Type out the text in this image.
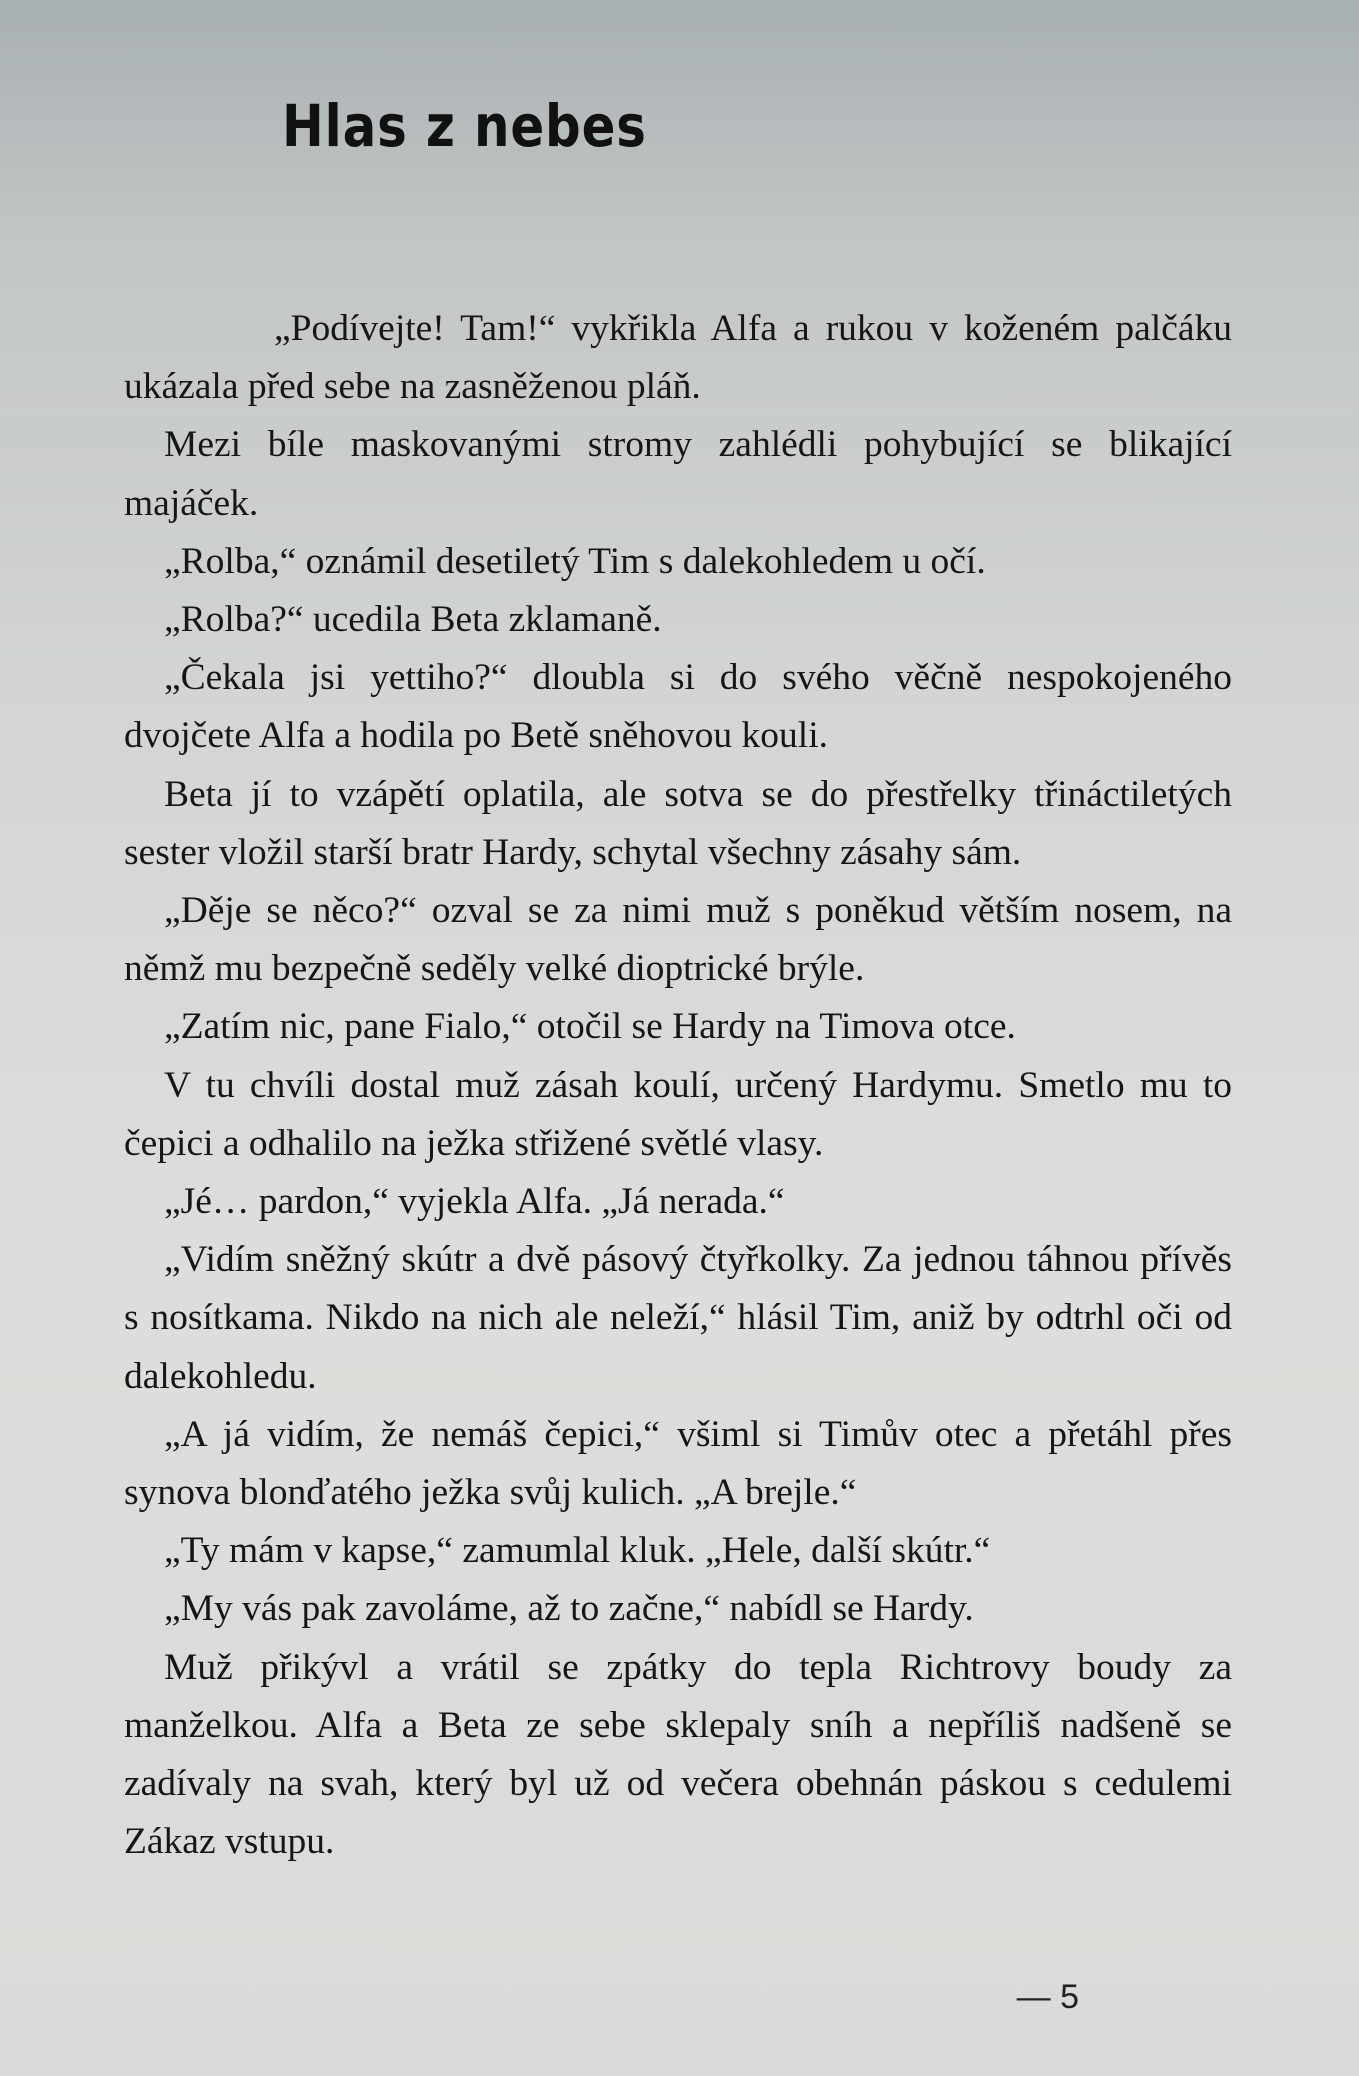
Hlas z nebes

„Podívejte! Tam!“ vykřikla Alfa a rukou v koženém palčáku ukázala před sebe na zasněženou pláň.

Mezi bíle maskovanými stromy zahlédli pohybující se blikající majáček.

„Rolba,“ oznámil desetiletý Tim s dalekohledem u očí.

„Rolba?“ ucedila Beta zklamaně.

„Čekala jsi yettiho?“ dloubla si do svého věčně nespokojeného dvojčete Alfa a hodila po Betě sněhovou kouli.

Beta jí to vzápětí oplatila, ale sotva se do přestřelky třináctiletých sester vložil starší bratr Hardy, schytal všechny zásahy sám.

„Děje se něco?“ ozval se za nimi muž s poněkud větším nosem, na němž mu bezpečně seděly velké dioptrické brýle.

„Zatím nic, pane Fialo,“ otočil se Hardy na Timova otce.

V tu chvíli dostal muž zásah koulí, určený Hardymu. Smetlo mu to čepici a odhalilo na ježka střižené světlé vlasy.

„Jé… pardon,“ vyjekla Alfa. „Já nerada.“

„Vidím sněžný skútr a dvě pásový čtyřkolky. Za jednou táhnou přívěs s nosítkama. Nikdo na nich ale neleží,“ hlásil Tim, aniž by odtrhl oči od dalekohledu.

„A já vidím, že nemáš čepici,“ všiml si Timův otec a přetáhl přes synova blonďatého ježka svůj kulich. „A brejle.“

„Ty mám v kapse,“ zamumlal kluk. „Hele, další skútr.“

„My vás pak zavoláme, až to začne,“ nabídl se Hardy.

Muž přikývl a vrátil se zpátky do tepla Richtrovy boudy za manželkou. Alfa a Beta ze sebe sklepaly sníh a nepříliš nadšeně se zadívaly na svah, který byl už od večera obehnán páskou s cedulemi Zákaz vstupu.

— 5
